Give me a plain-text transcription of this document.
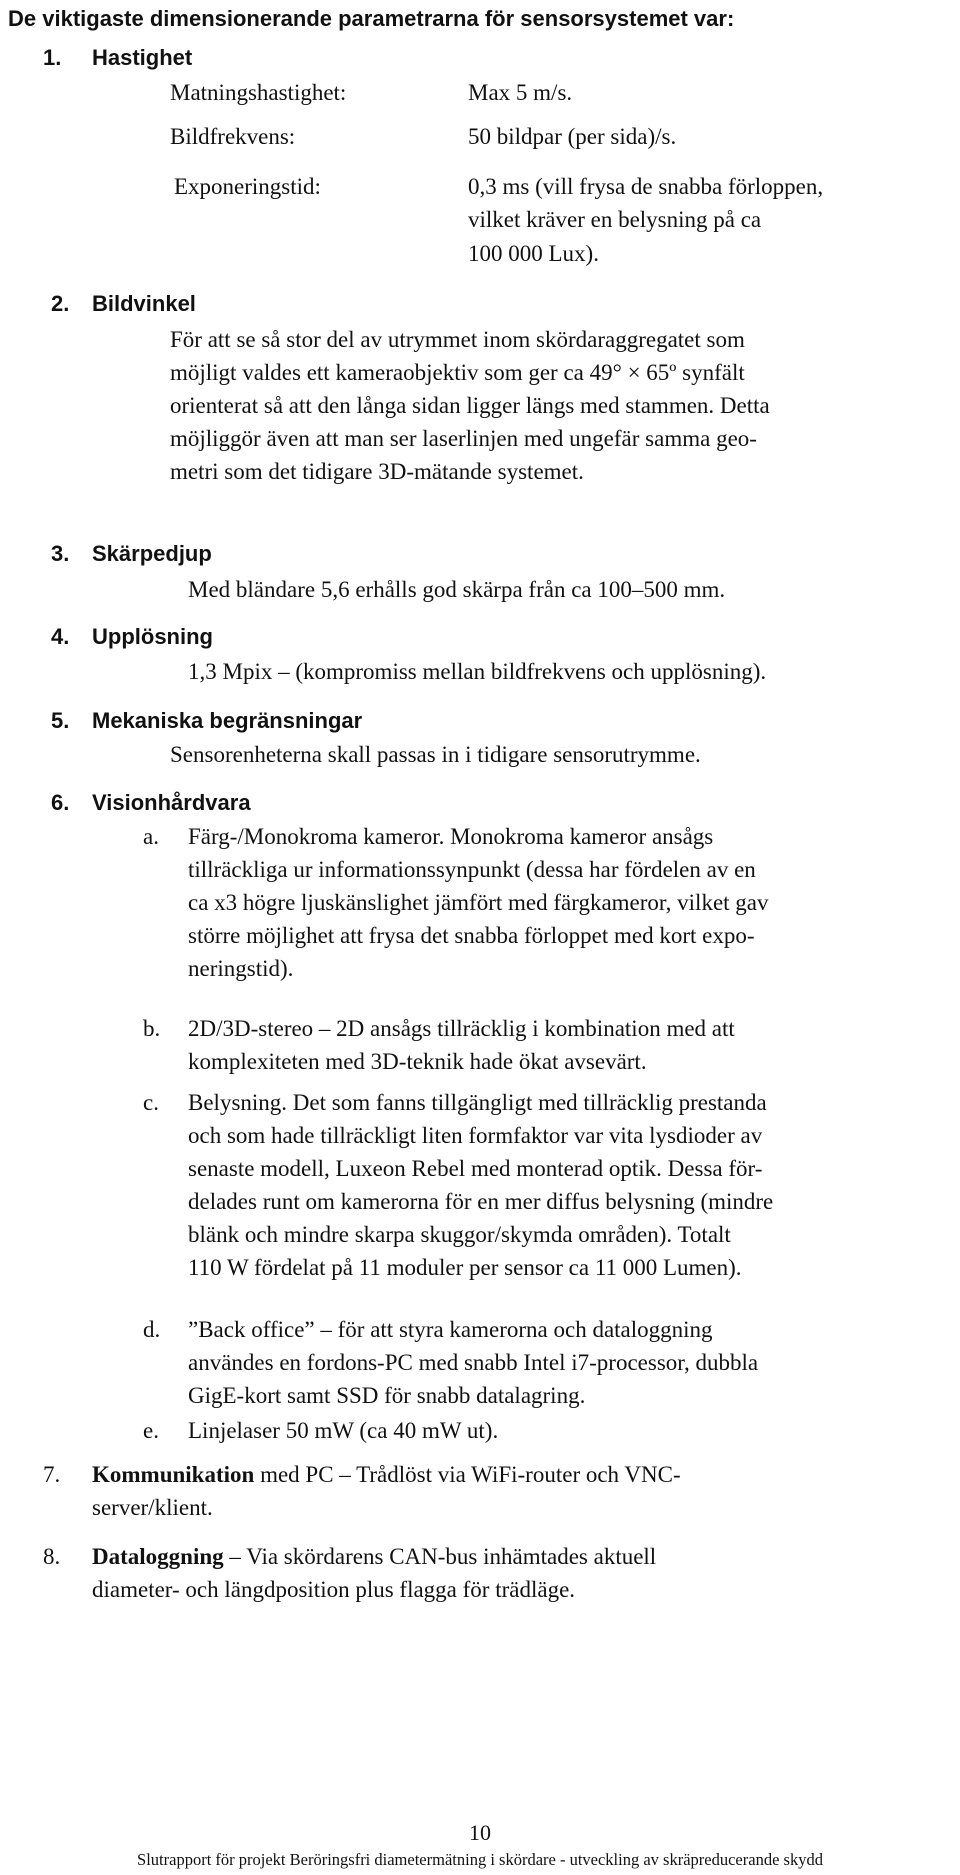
De viktigaste dimensionerande parametrarna för sensorsystemet var:
1. Hastighet
Matningshastighet:	Max 5 m/s.
Bildfrekvens:	50 bildpar (per sida)/s.
Exponeringstid:	0,3 ms (vill frysa de snabba förloppen,
vilket kräver en belysning på ca
100 000 Lux).
2. Bildvinkel
För att se så stor del av utrymmet inom skördaraggregatet som
möjligt valdes ett kameraobjektiv som ger ca 49° × 65º synfält
orienterat så att den långa sidan ligger längs med stammen. Detta
möjliggör även att man ser laserlinjen med ungefär samma geo-
metri som det tidigare 3D-mätande systemet.
3. Skärpedjup
Med bländare 5,6 erhålls god skärpa från ca 100–500 mm.
4. Upplösning
1,3 Mpix – (kompromiss mellan bildfrekvens och upplösning).
5. Mekaniska begränsningar
Sensorenheterna skall passas in i tidigare sensorutrymme.
6. Visionhårdvara
a. Färg-/Monokroma kameror. Monokroma kameror ansågs
tillräckliga ur informationssynpunkt (dessa har fördelen av en
ca x3 högre ljuskänslighet jämfört med färgkameror, vilket gav
större möjlighet att frysa det snabba förloppet med kort expo-
neringstid).
b. 2D/3D-stereo – 2D ansågs tillräcklig i kombination med att
komplexiteten med 3D-teknik hade ökat avsevärt.
c. Belysning. Det som fanns tillgängligt med tillräcklig prestanda
och som hade tillräckligt liten formfaktor var vita lysdioder av
senaste modell, Luxeon Rebel med monterad optik. Dessa för-
delades runt om kamerorna för en mer diffus belysning (mindre
blänk och mindre skarpa skuggor/skymda områden). Totalt
110 W fördelat på 11 moduler per sensor ca 11 000 Lumen).
d. ”Back office” – för att styra kamerorna och dataloggning
användes en fordons-PC med snabb Intel i7-processor, dubbla
GigE-kort samt SSD för snabb datalagring.
e. Linjelaser 50 mW (ca 40 mW ut).
7. Kommunikation med PC – Trådlöst via WiFi-router och VNC-
server/klient.
8. Dataloggning – Via skördarens CAN-bus inhämtades aktuell
diameter- och längdposition plus flagga för trädläge.
10
Slutrapport för projekt Beröringsfri diametermätning i skördare - utveckling av skräpreducerande skydd
